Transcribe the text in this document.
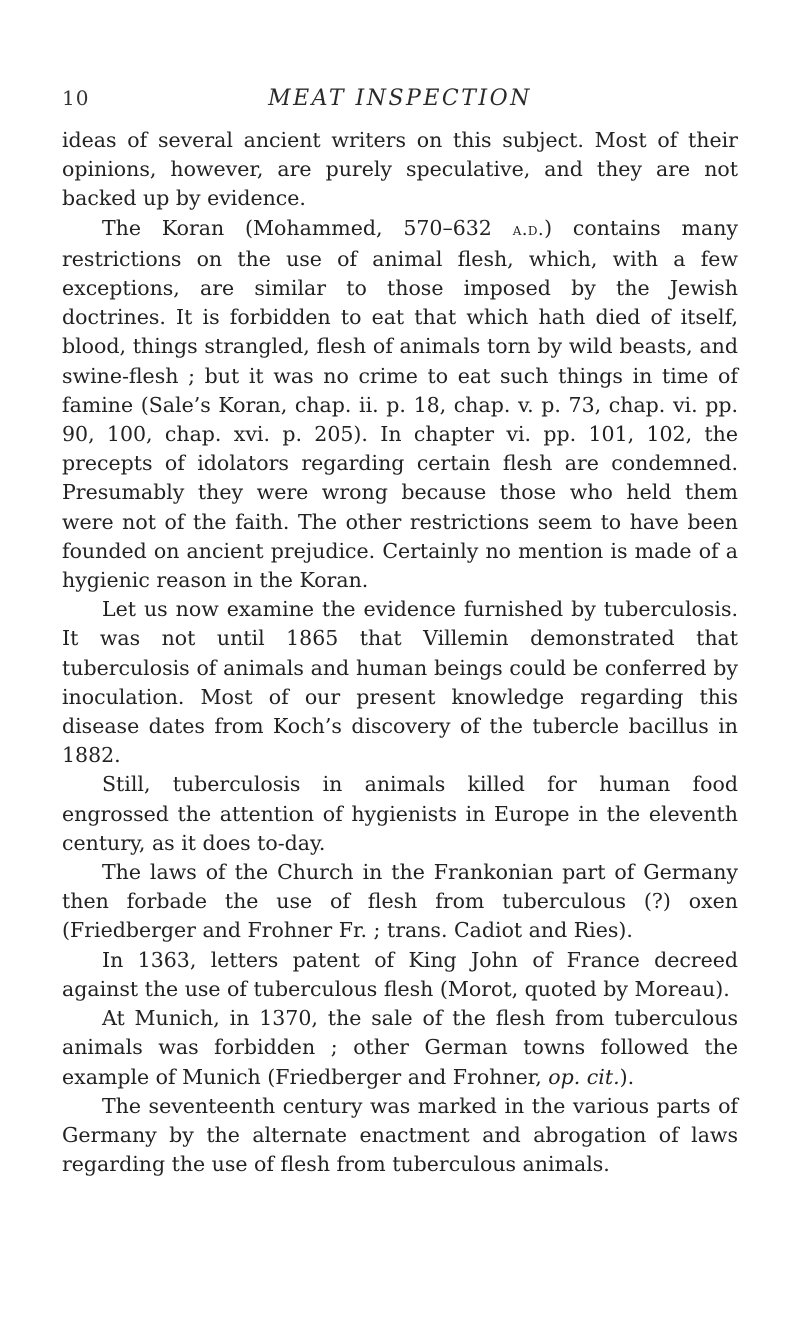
10	MEAT INSPECTION

ideas of several ancient writers on this subject. Most of their opinions, however, are purely speculative, and they are not backed up by evidence.

The Koran (Mohammed, 570–632 a.d.) contains many restrictions on the use of animal flesh, which, with a few exceptions, are similar to those imposed by the Jewish doctrines. It is forbidden to eat that which hath died of itself, blood, things strangled, flesh of animals torn by wild beasts, and swine-flesh ; but it was no crime to eat such things in time of famine (Sale’s Koran, chap. ii. p. 18, chap. v. p. 73, chap. vi. pp. 90, 100, chap. xvi. p. 205). In chapter vi. pp. 101, 102, the precepts of idolators regarding certain flesh are condemned. Presumably they were wrong because those who held them were not of the faith. The other restrictions seem to have been founded on ancient prejudice. Certainly no mention is made of a hygienic reason in the Koran.

Let us now examine the evidence furnished by tuberculosis. It was not until 1865 that Villemin demonstrated that tuberculosis of animals and human beings could be conferred by inoculation. Most of our present knowledge regarding this disease dates from Koch’s discovery of the tubercle bacillus in 1882.

Still, tuberculosis in animals killed for human food engrossed the attention of hygienists in Europe in the eleventh century, as it does to-day.

The laws of the Church in the Frankonian part of Germany then forbade the use of flesh from tuberculous (?) oxen (Friedberger and Frohner Fr. ; trans. Cadiot and Ries).

In 1363, letters patent of King John of France decreed against the use of tuberculous flesh (Morot, quoted by Moreau).

At Munich, in 1370, the sale of the flesh from tuberculous animals was forbidden ; other German towns followed the example of Munich (Friedberger and Frohner, op. cit.).

The seventeenth century was marked in the various parts of Germany by the alternate enactment and abrogation of laws regarding the use of flesh from tuberculous animals.
